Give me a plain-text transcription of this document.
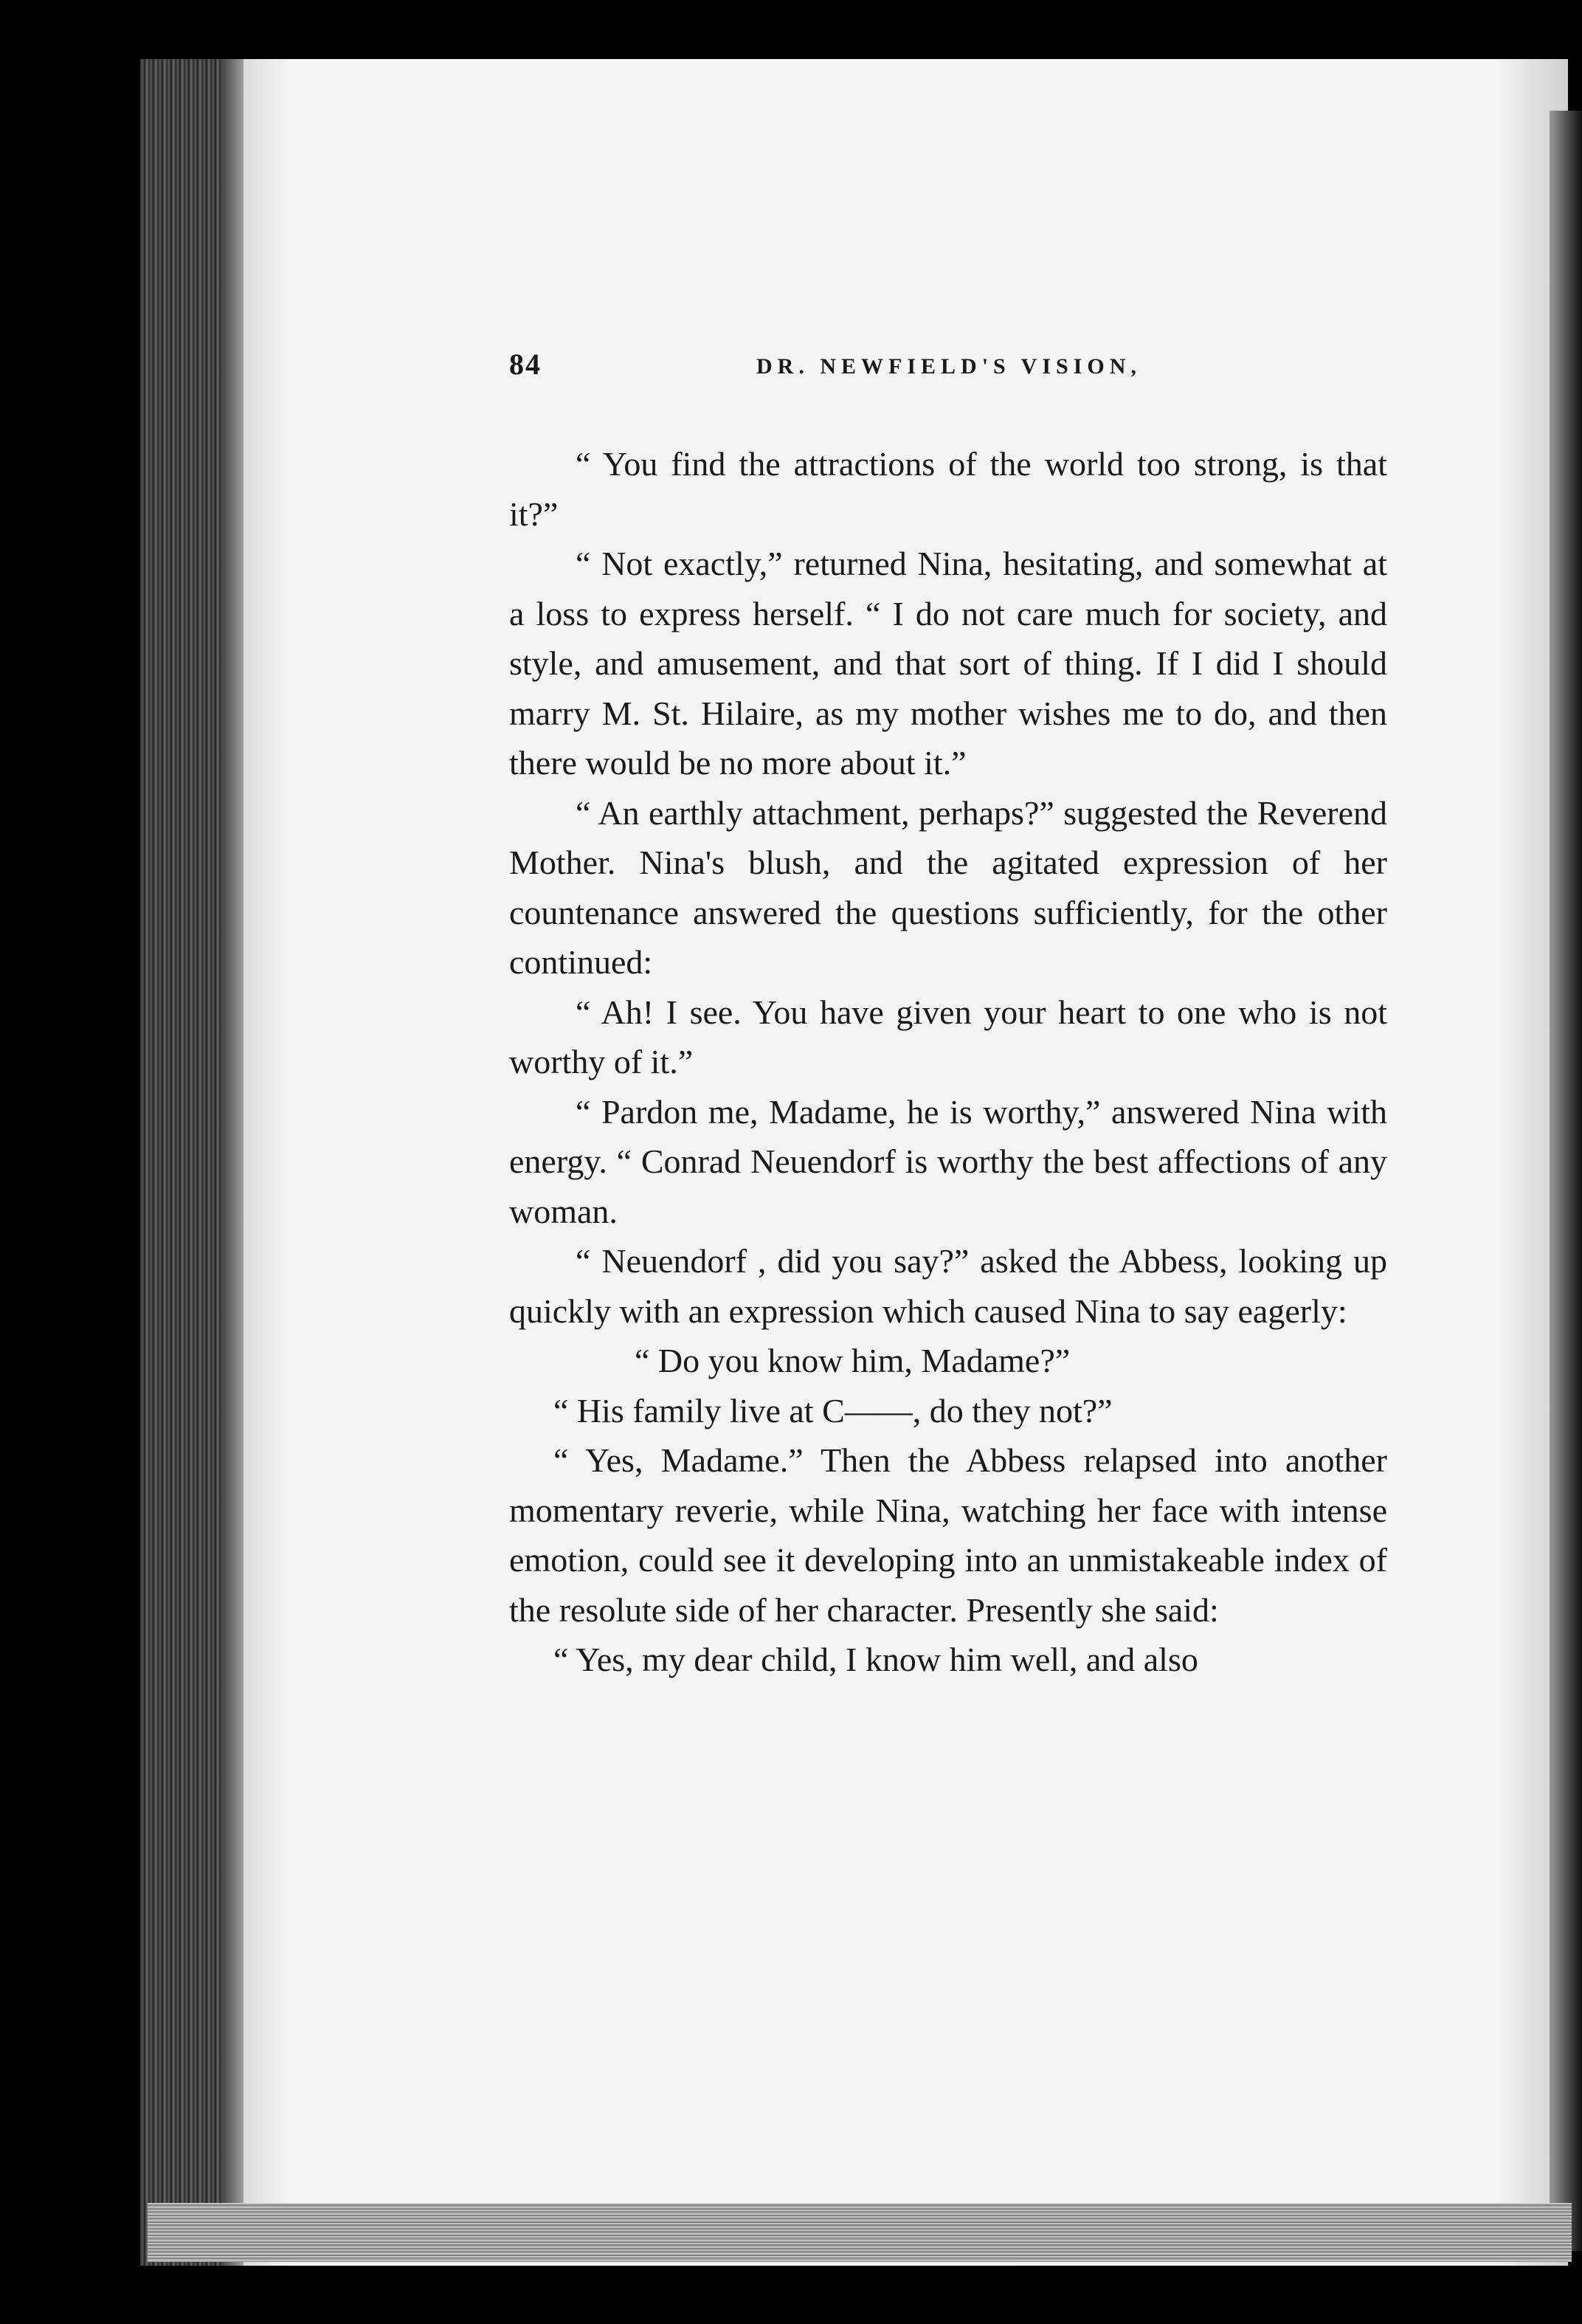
84	DR. NEWFIELD'S VISION,

“ You find the attractions of the world too strong, is that it?”

“ Not exactly,” returned Nina, hesitating, and somewhat at a loss to express herself. “ I do not care much for society, and style, and amusement, and that sort of thing. If I did I should marry M. St. Hilaire, as my mother wishes me to do, and then there would be no more about it.”

“ An earthly attachment, perhaps?” suggested the Reverend Mother. Nina's blush, and the agitated expression of her countenance answered the questions sufficiently, for the other continued:

“ Ah! I see. You have given your heart to one who is not worthy of it.”

“ Pardon me, Madame, he is worthy,” answered Nina with energy. “ Conrad Neuendorf is worthy the best affections of any woman.

“ Neuendorf , did you say?” asked the Abbess, looking up quickly with an expression which caused Nina to say eagerly:

“ Do you know him, Madame?”

“ His family live at C——, do they not?”

“ Yes, Madame.” Then the Abbess relapsed into another momentary reverie, while Nina, watching her face with intense emotion, could see it developing into an unmistakeable index of the resolute side of her character. Presently she said:

“ Yes, my dear child, I know him well, and also
